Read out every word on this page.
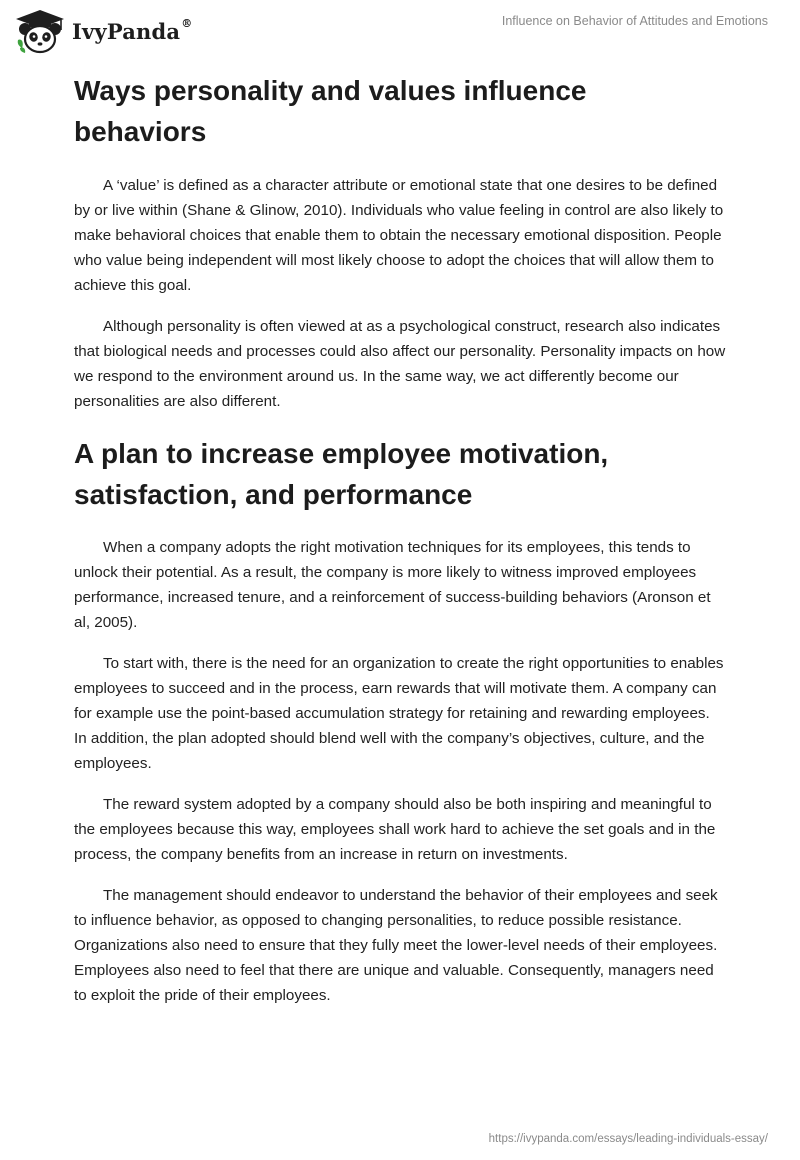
IvyPanda®	Influence on Behavior of Attitudes and Emotions
Ways personality and values influence behaviors

A ‘value’ is defined as a character attribute or emotional state that one desires to be defined by or live within (Shane & Glinow, 2010). Individuals who value feeling in control are also likely to make behavioral choices that enable them to obtain the necessary emotional disposition. People who value being independent will most likely choose to adopt the choices that will allow them to achieve this goal.

Although personality is often viewed at as a psychological construct, research also indicates that biological needs and processes could also affect our personality. Personality impacts on how we respond to the environment around us. In the same way, we act differently become our personalities are also different.

A plan to increase employee motivation, satisfaction, and performance

When a company adopts the right motivation techniques for its employees, this tends to unlock their potential. As a result, the company is more likely to witness improved employees performance, increased tenure, and a reinforcement of success-building behaviors (Aronson et al, 2005).

To start with, there is the need for an organization to create the right opportunities to enables employees to succeed and in the process, earn rewards that will motivate them. A company can for example use the point-based accumulation strategy for retaining and rewarding employees. In addition, the plan adopted should blend well with the company’s objectives, culture, and the employees.

The reward system adopted by a company should also be both inspiring and meaningful to the employees because this way, employees shall work hard to achieve the set goals and in the process, the company benefits from an increase in return on investments.

The management should endeavor to understand the behavior of their employees and seek to influence behavior, as opposed to changing personalities, to reduce possible resistance. Organizations also need to ensure that they fully meet the lower-level needs of their employees. Employees also need to feel that there are unique and valuable. Consequently, managers need to exploit the pride of their employees.

https://ivypanda.com/essays/leading-individuals-essay/
